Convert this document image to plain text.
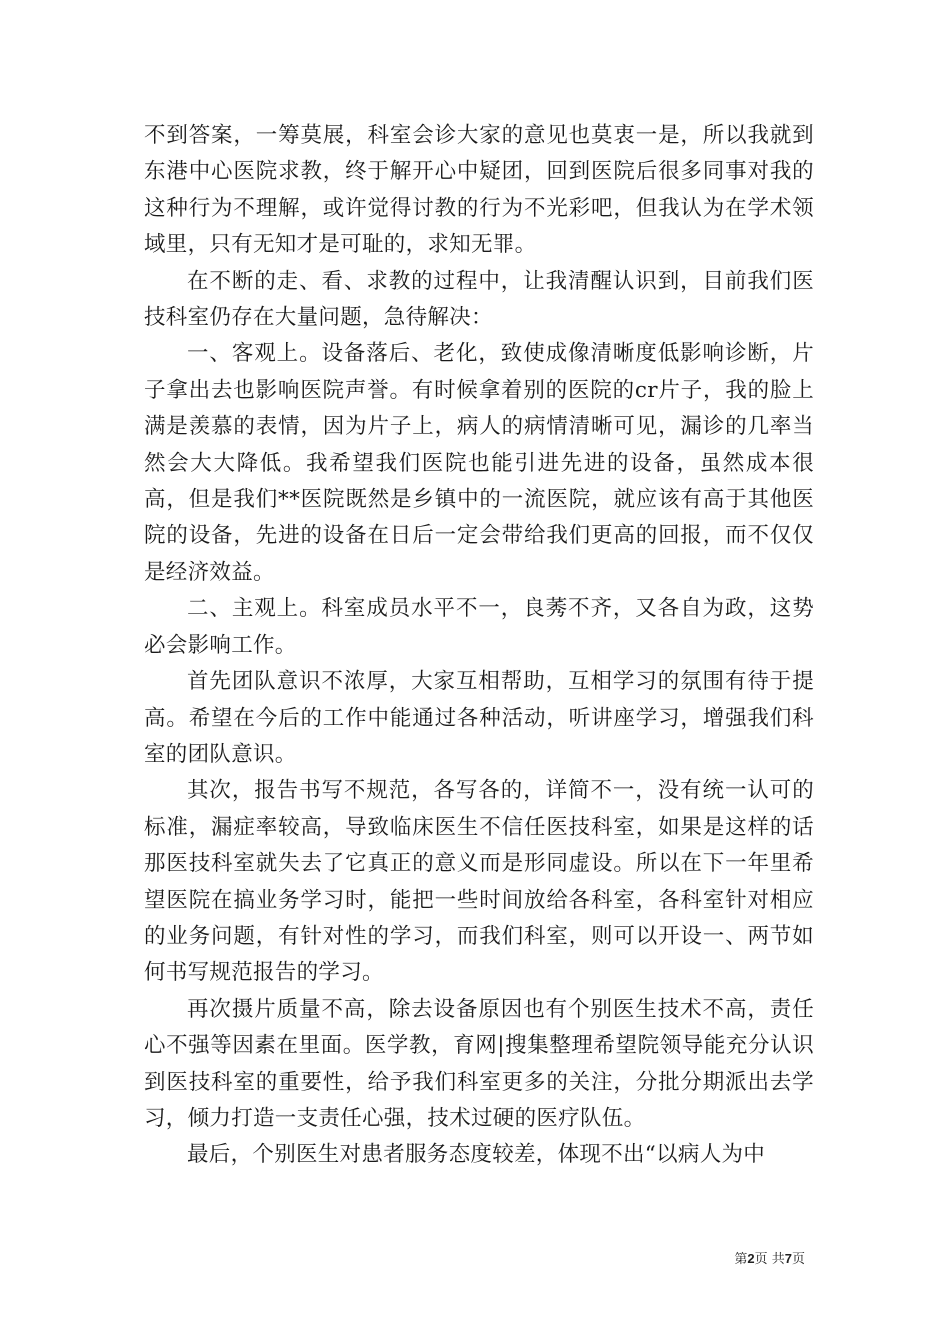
不到答案，一筹莫展，科室会诊大家的意见也莫衷一是，所以我就到东港中心医院求教，终于解开心中疑团，回到医院后很多同事对我的这种行为不理解，或许觉得讨教的行为不光彩吧，但我认为在学术领域里，只有无知才是可耻的，求知无罪。

在不断的走、看、求教的过程中，让我清醒认识到，目前我们医技科室仍存在大量问题，急待解决：

一、客观上。设备落后、老化，致使成像清晰度低影响诊断，片子拿出去也影响医院声誉。有时候拿着别的医院的cr片子，我的脸上满是羡慕的表情，因为片子上，病人的病情清晰可见，漏诊的几率当然会大大降低。我希望我们医院也能引进先进的设备，虽然成本很高，但是我们**医院既然是乡镇中的一流医院，就应该有高于其他医院的设备，先进的设备在日后一定会带给我们更高的回报，而不仅仅是经济效益。

二、主观上。科室成员水平不一，良莠不齐，又各自为政，这势必会影响工作。

首先团队意识不浓厚，大家互相帮助，互相学习的氛围有待于提高。希望在今后的工作中能通过各种活动，听讲座学习，增强我们科室的团队意识。

其次，报告书写不规范，各写各的，详简不一，没有统一认可的标准，漏症率较高，导致临床医生不信任医技科室，如果是这样的话那医技科室就失去了它真正的意义而是形同虚设。所以在下一年里希望医院在搞业务学习时，能把一些时间放给各科室，各科室针对相应的业务问题，有针对性的学习，而我们科室，则可以开设一、两节如何书写规范报告的学习。

再次摄片质量不高，除去设备原因也有个别医生技术不高，责任心不强等因素在里面。医学教，育网|搜集整理希望院领导能充分认识到医技科室的重要性，给予我们科室更多的关注，分批分期派出去学习，倾力打造一支责任心强，技术过硬的医疗队伍。

最后，个别医生对患者服务态度较差，体现不出“以病人为中

第2页 共7页
